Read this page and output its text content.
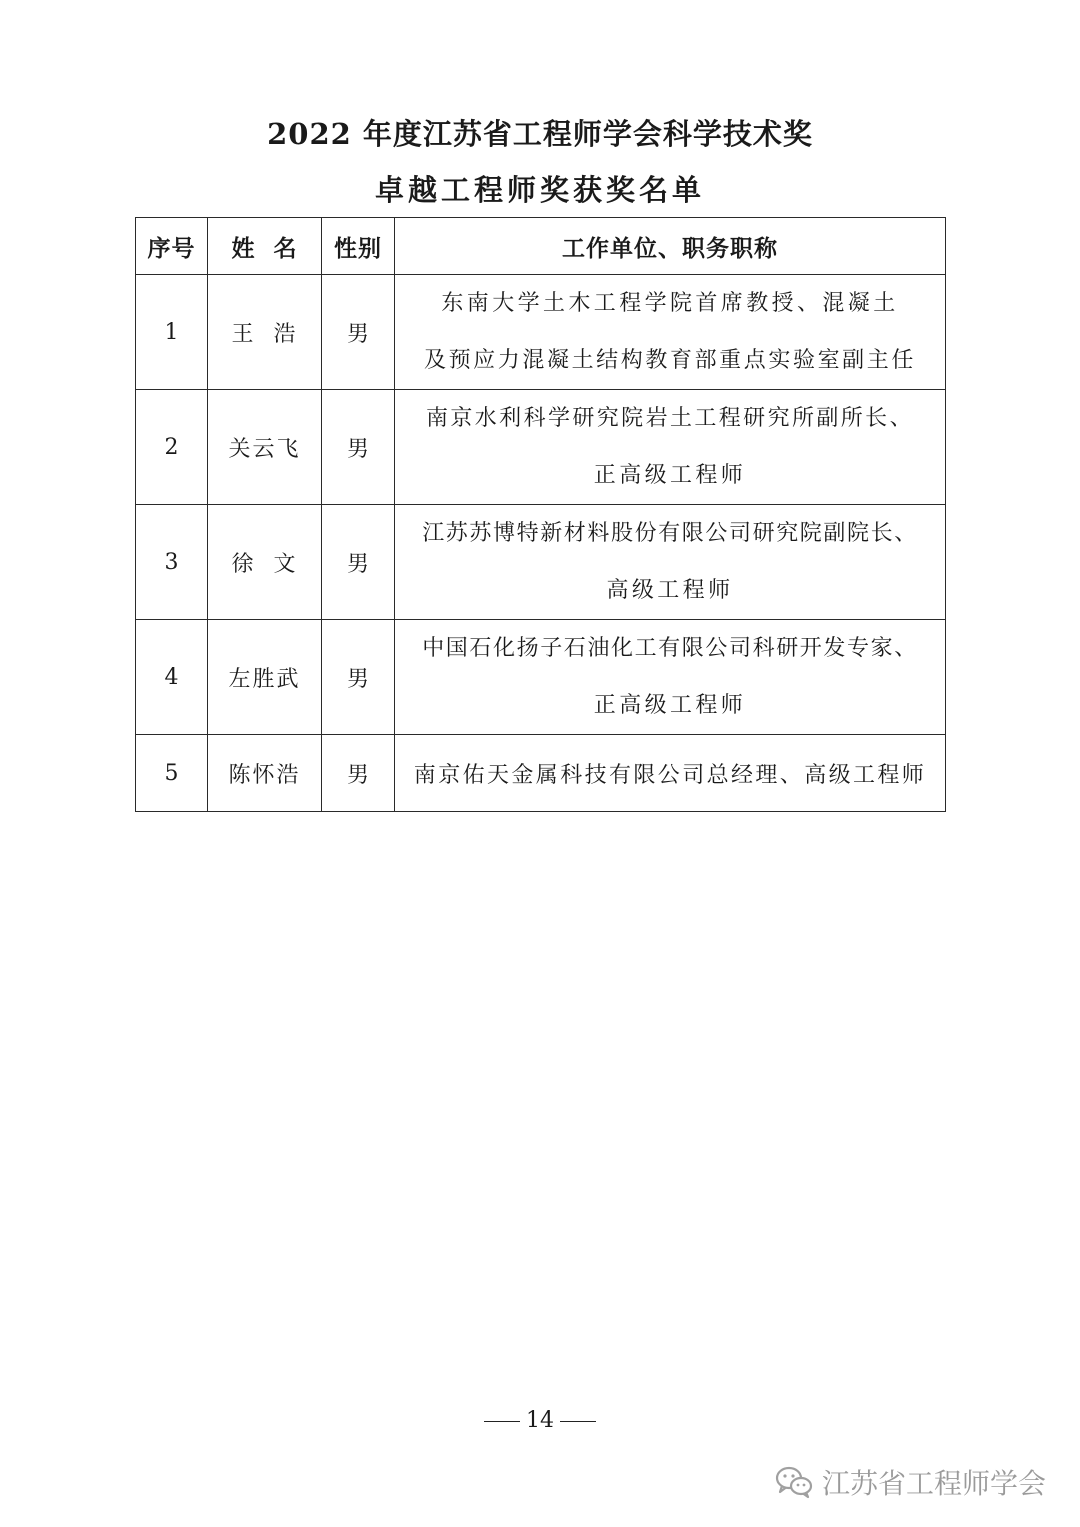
2022 年度江苏省工程师学会科学技术奖
卓越工程师奖获奖名单
序号	姓  名	性别	工作单位、职务职称
1	王  浩	男	东南大学土木工程学院首席教授、混凝土
及预应力混凝土结构教育部重点实验室副主任

2	关云飞	男	南京水利科学研究院岩土工程研究所副所长、
正高级工程师

3	徐  文	男	江苏苏博特新材料股份有限公司研究院副院长、
高级工程师

4	左胜武	男	中国石化扬子石油化工有限公司科研开发专家、
正高级工程师

5	陈怀浩	男	南京佑天金属科技有限公司总经理、高级工程师
14
江苏省工程师学会
